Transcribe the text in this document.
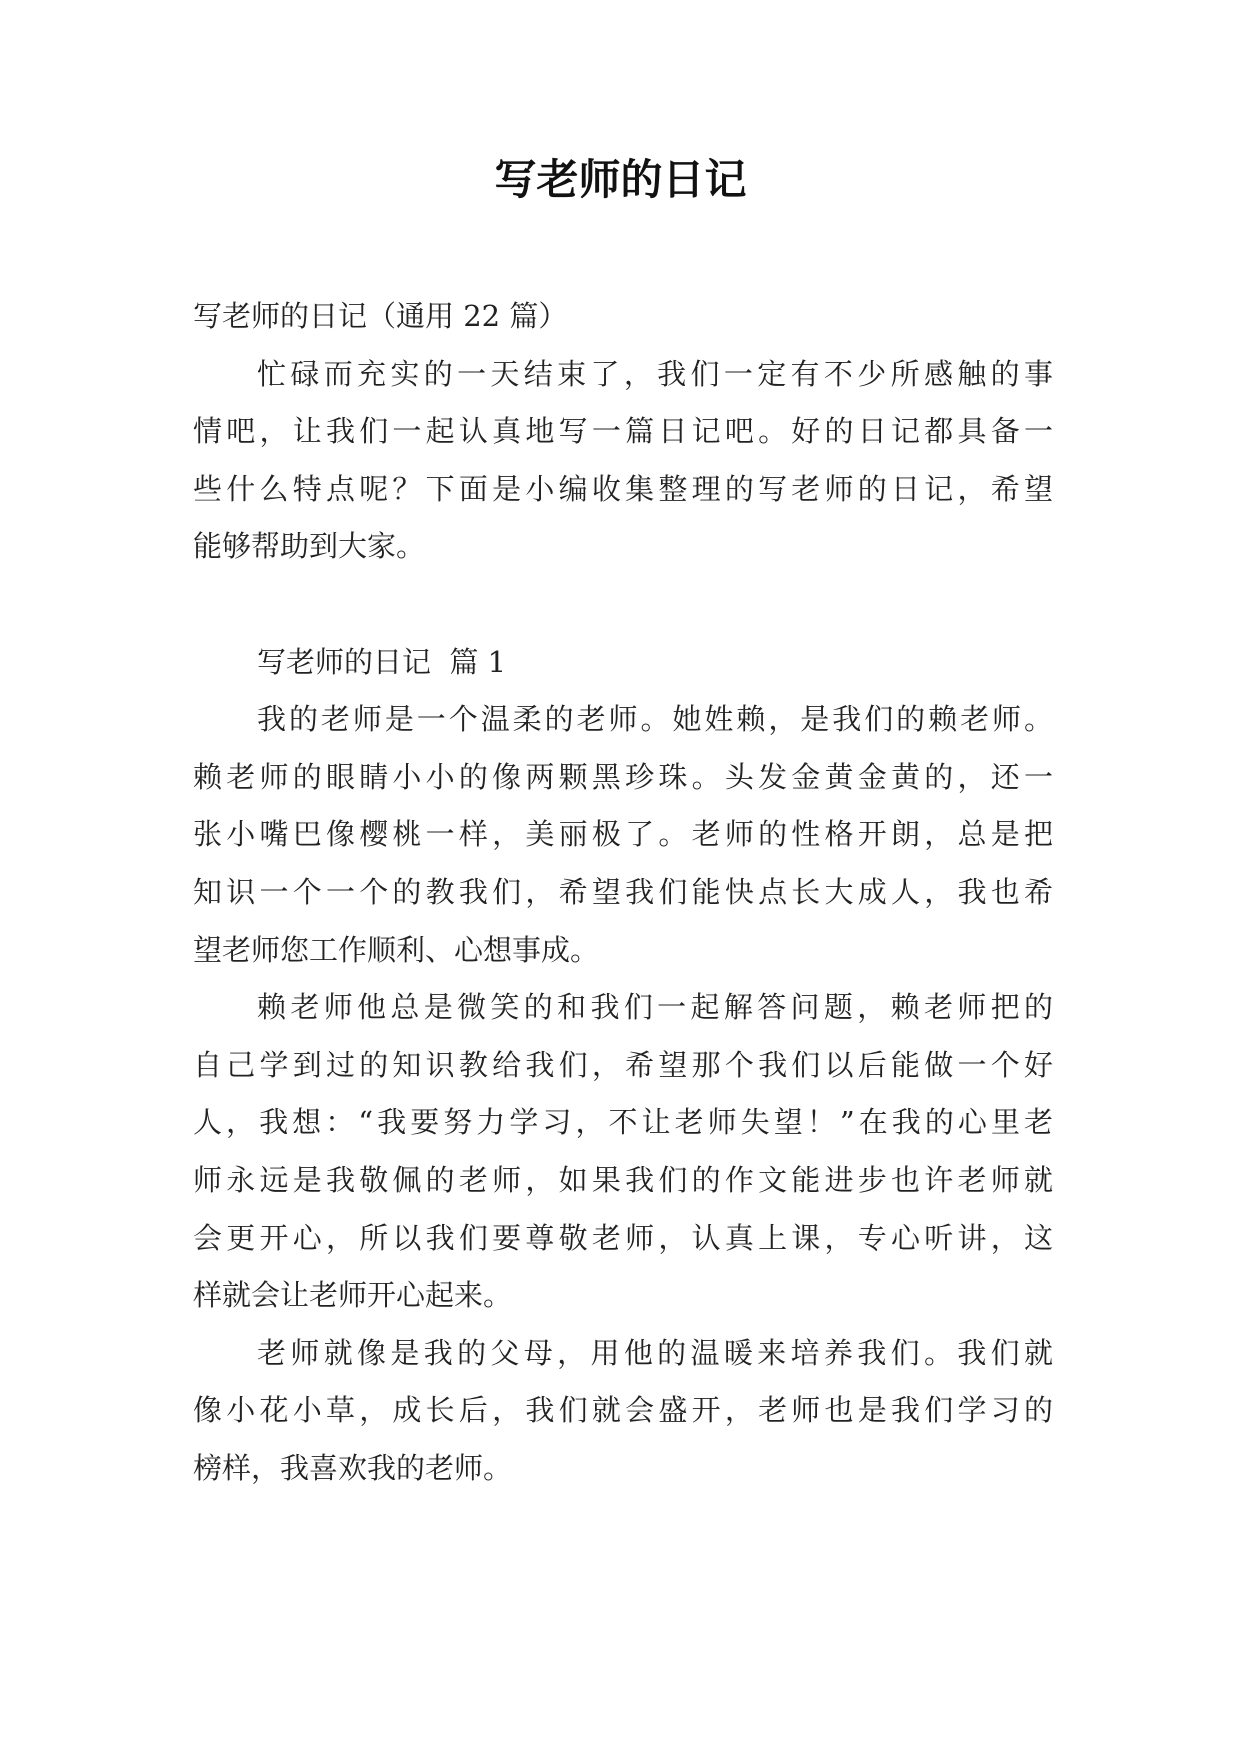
写老师的日记
写老师的日记（通用 22 篇）
忙碌而充实的一天结束了，我们一定有不少所感触的事
情吧，让我们一起认真地写一篇日记吧。好的日记都具备一
些什么特点呢？下面是小编收集整理的写老师的日记，希望
能够帮助到大家。
写老师的日记  篇 1
我的老师是一个温柔的老师。她姓赖，是我们的赖老师。
赖老师的眼睛小小的像两颗黑珍珠。头发金黄金黄的，还一
张小嘴巴像樱桃一样，美丽极了。老师的性格开朗，总是把
知识一个一个的教我们，希望我们能快点长大成人，我也希
望老师您工作顺利、心想事成。
赖老师他总是微笑的和我们一起解答问题，赖老师把的
自己学到过的知识教给我们，希望那个我们以后能做一个好
人，我想：“我要努力学习，不让老师失望！”在我的心里老
师永远是我敬佩的老师，如果我们的作文能进步也许老师就
会更开心，所以我们要尊敬老师，认真上课，专心听讲，这
样就会让老师开心起来。
老师就像是我的父母，用他的温暖来培养我们。我们就
像小花小草，成长后，我们就会盛开，老师也是我们学习的
榜样，我喜欢我的老师。
